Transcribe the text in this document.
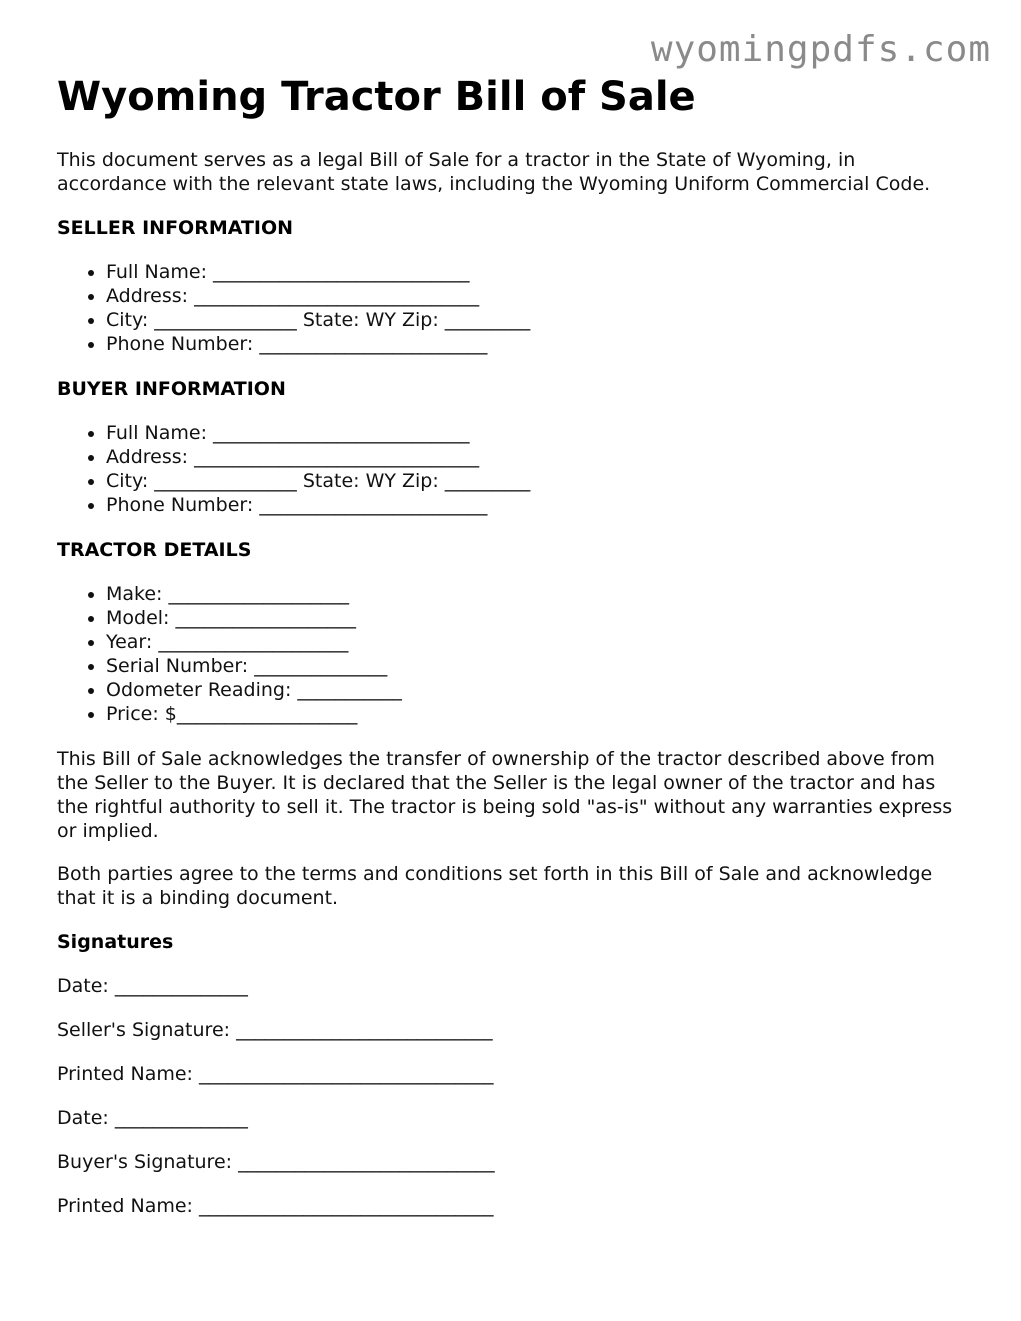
wyomingpdfs.com
Wyoming Tractor Bill of Sale

This document serves as a legal Bill of Sale for a tractor in the State of Wyoming, in accordance with the relevant state laws, including the Wyoming Uniform Commercial Code.

SELLER INFORMATION
• Full Name: ___________________________
• Address: ______________________________
• City: _______________ State: WY Zip: _________
• Phone Number: ________________________
BUYER INFORMATION
• Full Name: ___________________________
• Address: ______________________________
• City: _______________ State: WY Zip: _________
• Phone Number: ________________________
TRACTOR DETAILS
• Make: ___________________
• Model: ___________________
• Year: ____________________
• Serial Number: ______________
• Odometer Reading: ___________
• Price: $___________________

This Bill of Sale acknowledges the transfer of ownership of the tractor described above from the Seller to the Buyer. It is declared that the Seller is the legal owner of the tractor and has the rightful authority to sell it. The tractor is being sold "as-is" without any warranties express or implied.

Both parties agree to the terms and conditions set forth in this Bill of Sale and acknowledge that it is a binding document.

Signatures

Date: ______________

Seller's Signature: ___________________________

Printed Name: _______________________________

Date: ______________

Buyer's Signature: ___________________________

Printed Name: _______________________________
